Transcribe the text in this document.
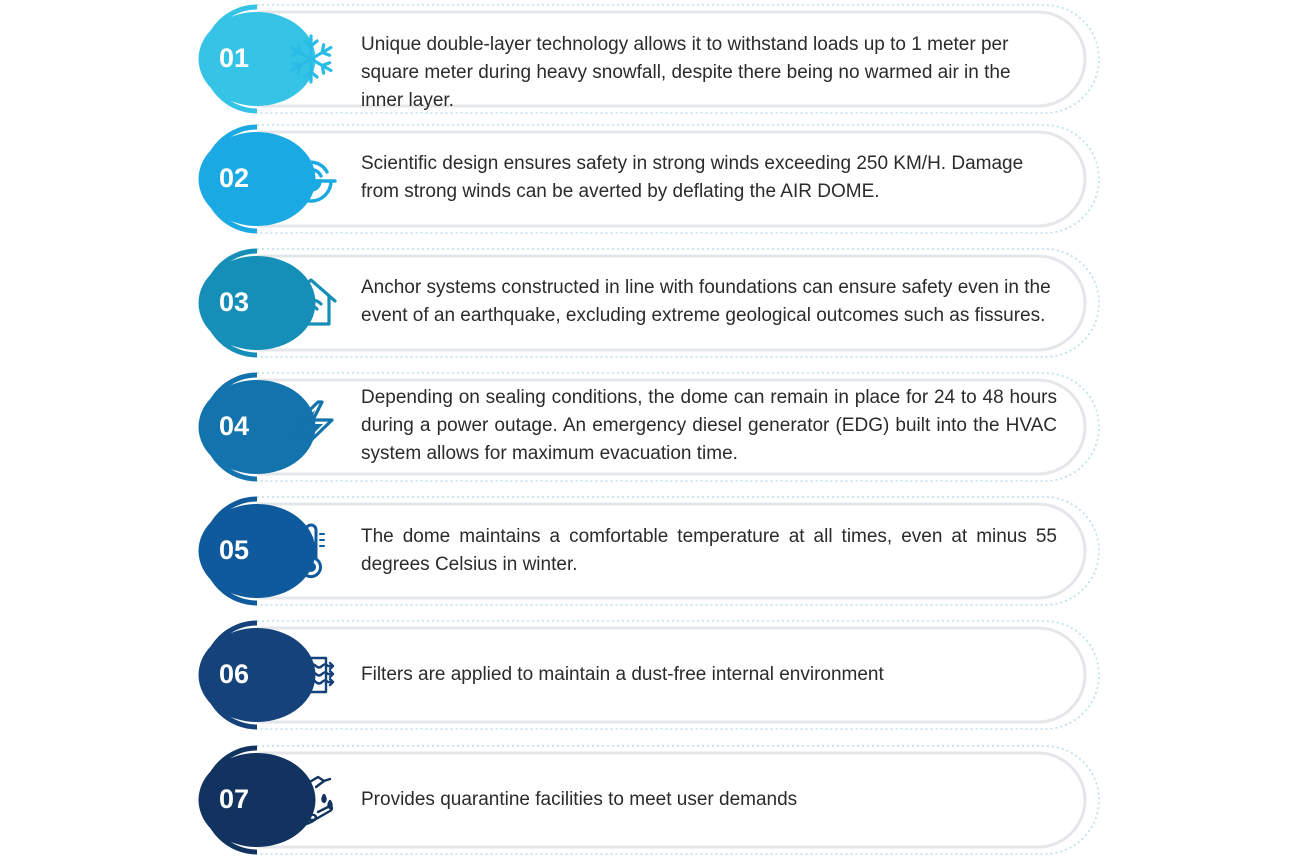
01	Unique double-layer technology allows it to withstand loads up to 1 meter per square meter during heavy snowfall, despite there being no warmed air in the inner layer.
02	Scientific design ensures safety in strong winds exceeding 250 KM/H. Damage from strong winds can be averted by deflating the AIR DOME.
03	Anchor systems constructed in line with foundations can ensure safety even in the event of an earthquake, excluding extreme geological outcomes such as fissures.
04
Depending on sealing conditions, the dome can remain in place for 24 to 48 hours during a power outage. An emergency diesel generator (EDG) built into the HVAC system allows for maximum evacuation time.
05	The dome maintains a comfortable temperature at all times, even at minus 55 degrees Celsius in winter.
06	Filters are applied to maintain a dust-free internal environment
07	Provides quarantine facilities to meet user demands
